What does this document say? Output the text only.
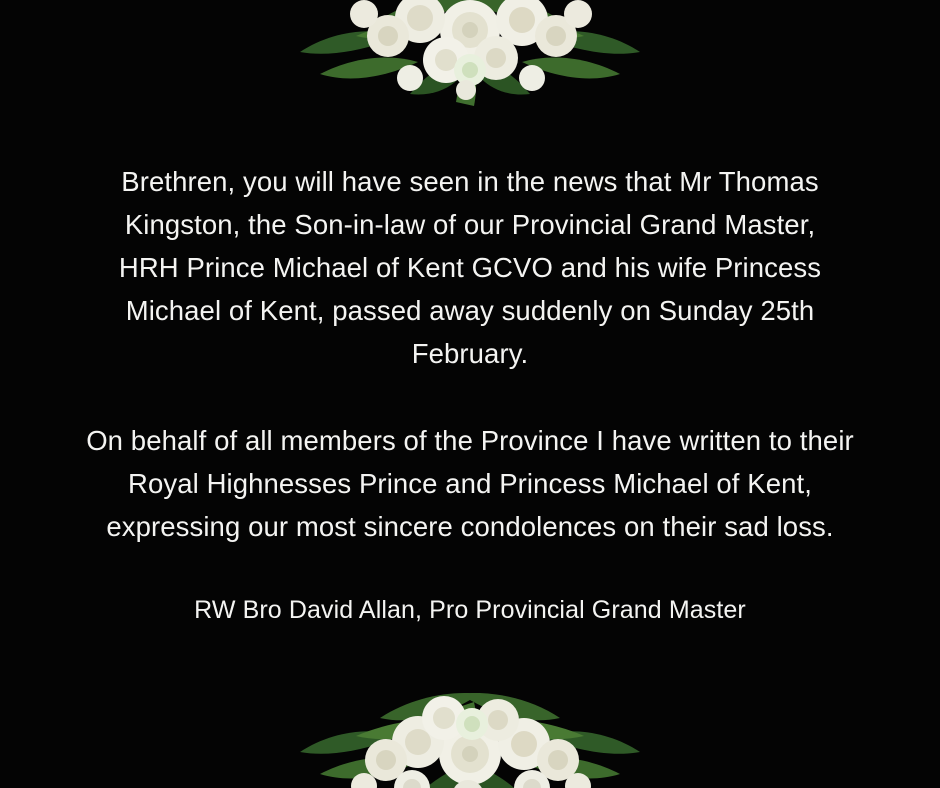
Brethren, you will have seen in the news that Mr Thomas Kingston, the Son-in-law of our Provincial Grand Master, HRH Prince Michael of Kent GCVO and his wife Princess Michael of Kent, passed away suddenly on Sunday 25th February.

On behalf of all members of the Province I have written to their Royal Highnesses Prince and Princess Michael of Kent, expressing our most sincere condolences on their sad loss.

RW Bro David Allan, Pro Provincial Grand Master
